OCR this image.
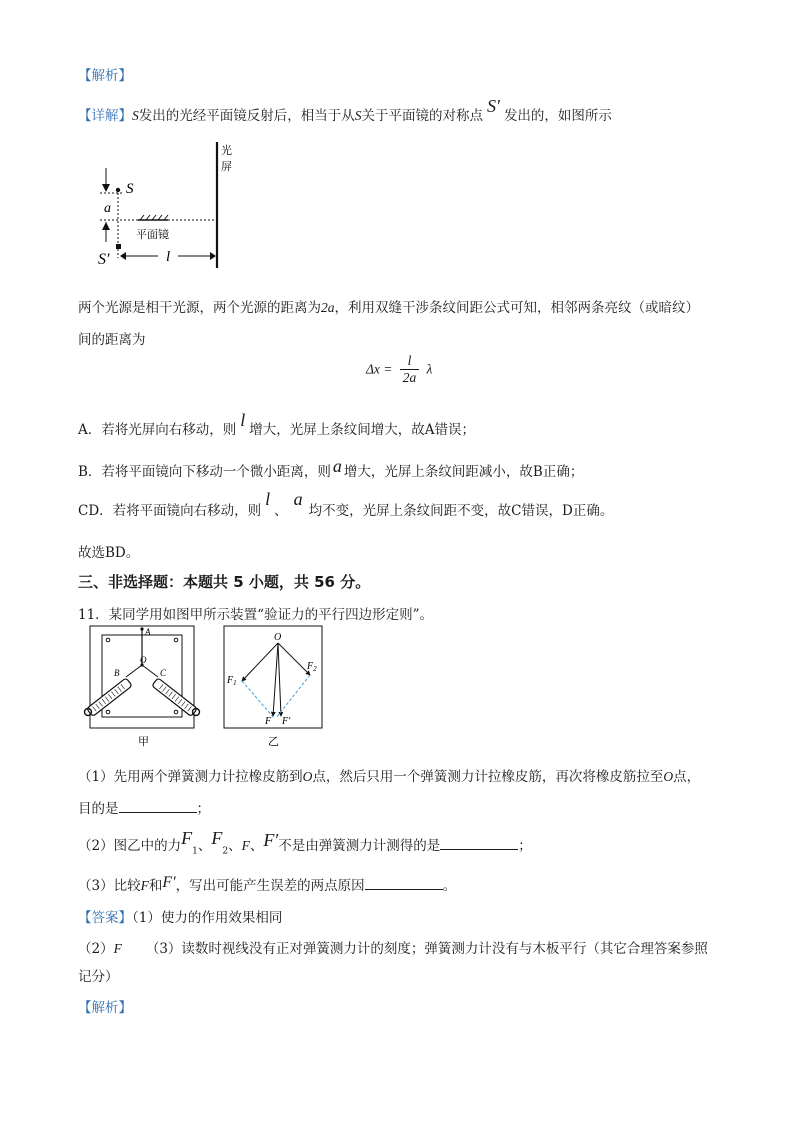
【解析】
【详解】S发出的光经平面镜反射后，相当于从S关于平面镜的对称点 S′ 发出的，如图所示
光
屏
S
a
平面镜
S′	l
两个光源是相干光源，两个光源的距离为2a，利用双缝干涉条纹间距公式可知，相邻两条亮纹（或暗纹）
间的距离为
$\Delta x = \frac{l}{2a}$ λ
A．若将光屏向右移动，则 l 增大，光屏上条纹间增大，故A错误；
B．若将平面镜向下移动一个微小距离，则 a 增大，光屏上条纹间距减小，故B正确；
CD．若将平面镜向右移动，则l、a均不变，光屏上条纹间距不变，故C错误，D正确。
故选BD。
三、非选择题：本题共 5 小题，共 56 分。
11．某同学用如图甲所示装置“验证力的平行四边形定则”。
A
O
B	C
甲
O
$F_1$
$F_2$
F F′
乙
（1）先用两个弹簧测力计拉橡皮筋到O点，然后只用一个弹簧测力计拉橡皮筋，再次将橡皮筋拉至O点，
目的是	；
（2）图乙中的力$F_1$、$F_2$、F、F′不是由弹簧测力计测得的是	；
（3）比较F和F′，写出可能产生误差的两点原因	。
【答案】（1）使力的作用效果相同
（2）F （3）读数时视线没有正对弹簧测力计的刻度；弹簧测力计没有与木板平行（其它合理答案参照
记分）
【解析】
